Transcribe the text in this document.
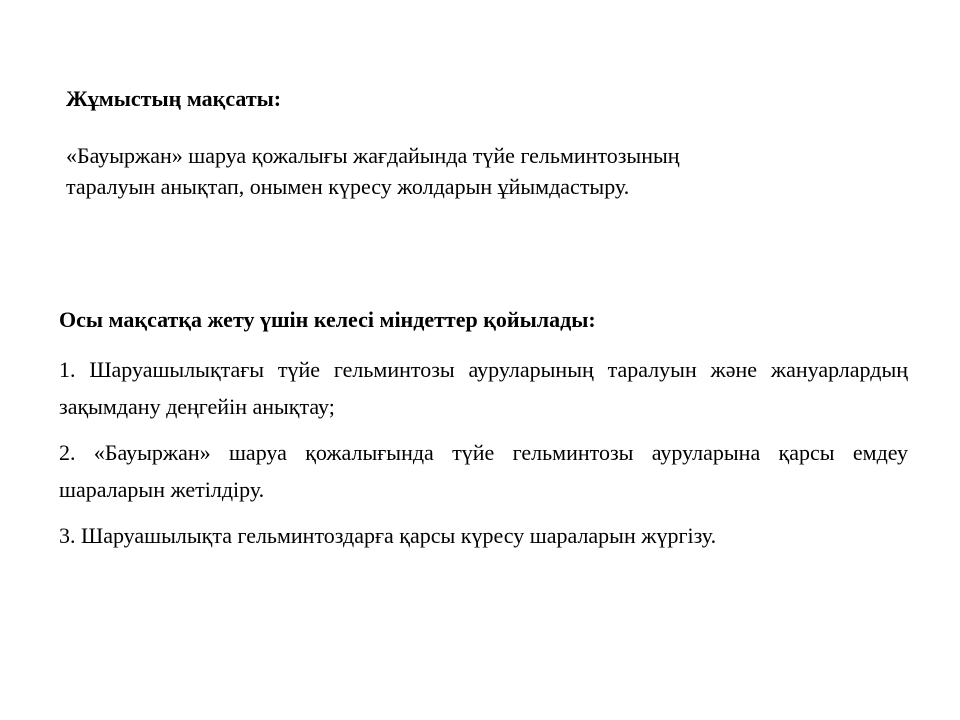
Жұмыстың мақсаты:

«Бауыржан» шаруа қожалығы жағдайында түйе гельминтозының
таралуын анықтап, онымен күресу жолдарын ұйымдастыру.

Осы мақсатқа жету үшін келесі міндеттер қойылады:

1. Шаруашылықтағы түйе гельминтозы ауруларының таралуын және жануарлардың зақымдану деңгейін анықтау;

2. «Бауыржан» шаруа қожалығында түйе гельминтозы ауруларына қарсы емдеу шараларын жетілдіру.

3. Шаруашылықта гельминтоздарға қарсы күресу шараларын жүргізу.
